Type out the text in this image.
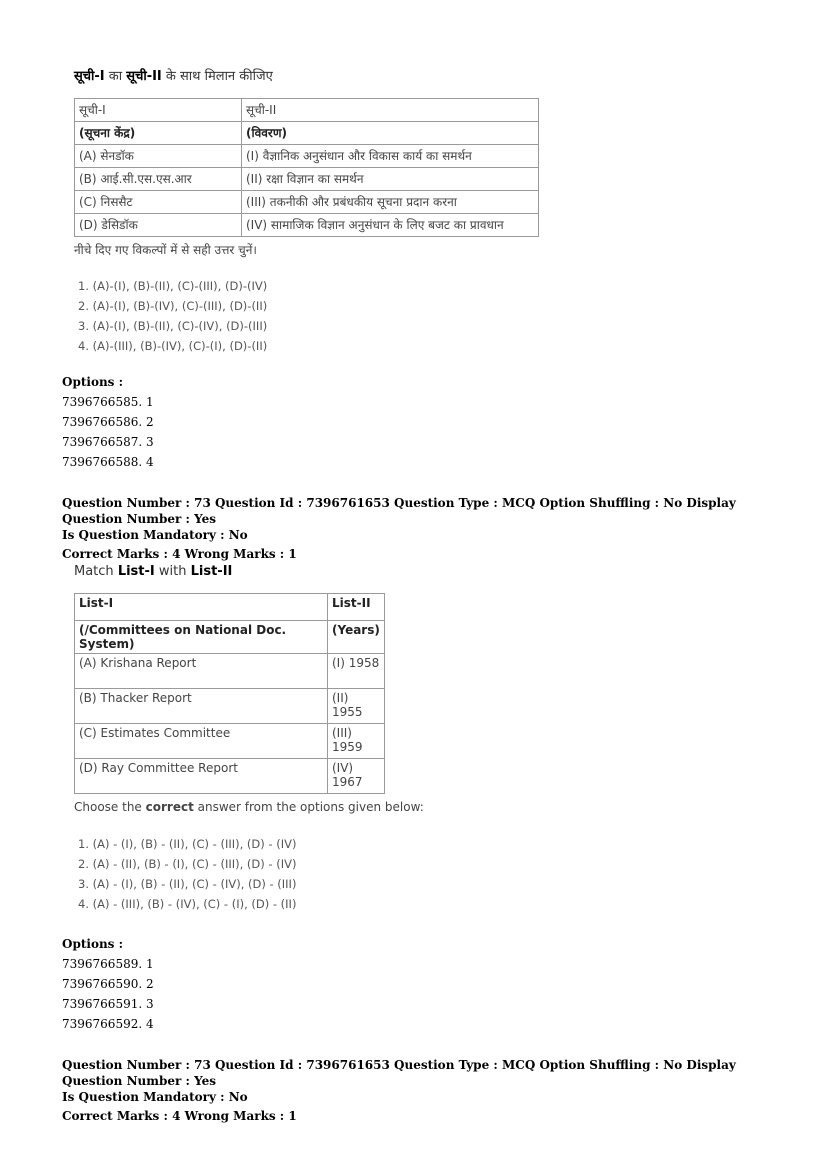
सूची-I का सूची-II के साथ मिलान कीजिए
सूची-I	सूची-II
(सूचना केंद्र)	(विवरण)
(A) सेनडॉक	(I) वैज्ञानिक अनुसंधान और विकास कार्य का समर्थन
(B) आई.सी.एस.एस.आर	(II) रक्षा विज्ञान का समर्थन
(C) निससैट	(III) तकनीकी और प्रबंधकीय सूचना प्रदान करना
(D) डेसिडॉक	(IV) सामाजिक विज्ञान अनुसंधान के लिए बजट का प्रावधान
नीचे दिए गए विकल्पों में से सही उत्तर चुनें।
1. (A)-(I), (B)-(II), (C)-(III), (D)-(IV)
2. (A)-(I), (B)-(IV), (C)-(III), (D)-(II)
3. (A)-(I), (B)-(II), (C)-(IV), (D)-(III)
4. (A)-(III), (B)-(IV), (C)-(I), (D)-(II)
Options :
7396766585. 1
7396766586. 2
7396766587. 3
7396766588. 4
Question Number : 73 Question Id : 7396761653 Question Type : MCQ Option Shuffling : No Display Question Number : Yes
Is Question Mandatory : No
Correct Marks : 4 Wrong Marks : 1
Match List-I with List-II
List-I	List-II
(/Committees on National Doc. System)	(Years)
(A) Krishana Report	(I) 1958
(B) Thacker Report	(II) 1955
(C) Estimates Committee	(III) 1959
(D) Ray Committee Report	(IV) 1967
Choose the correct answer from the options given below:
1. (A) - (I), (B) - (II), (C) - (III), (D) - (IV)
2. (A) - (II), (B) - (I), (C) - (III), (D) - (IV)
3. (A) - (I), (B) - (II), (C) - (IV), (D) - (III)
4. (A) - (III), (B) - (IV), (C) - (I), (D) - (II)
Options :
7396766589. 1
7396766590. 2
7396766591. 3
7396766592. 4
Question Number : 73 Question Id : 7396761653 Question Type : MCQ Option Shuffling : No Display Question Number : Yes
Is Question Mandatory : No
Correct Marks : 4 Wrong Marks : 1
